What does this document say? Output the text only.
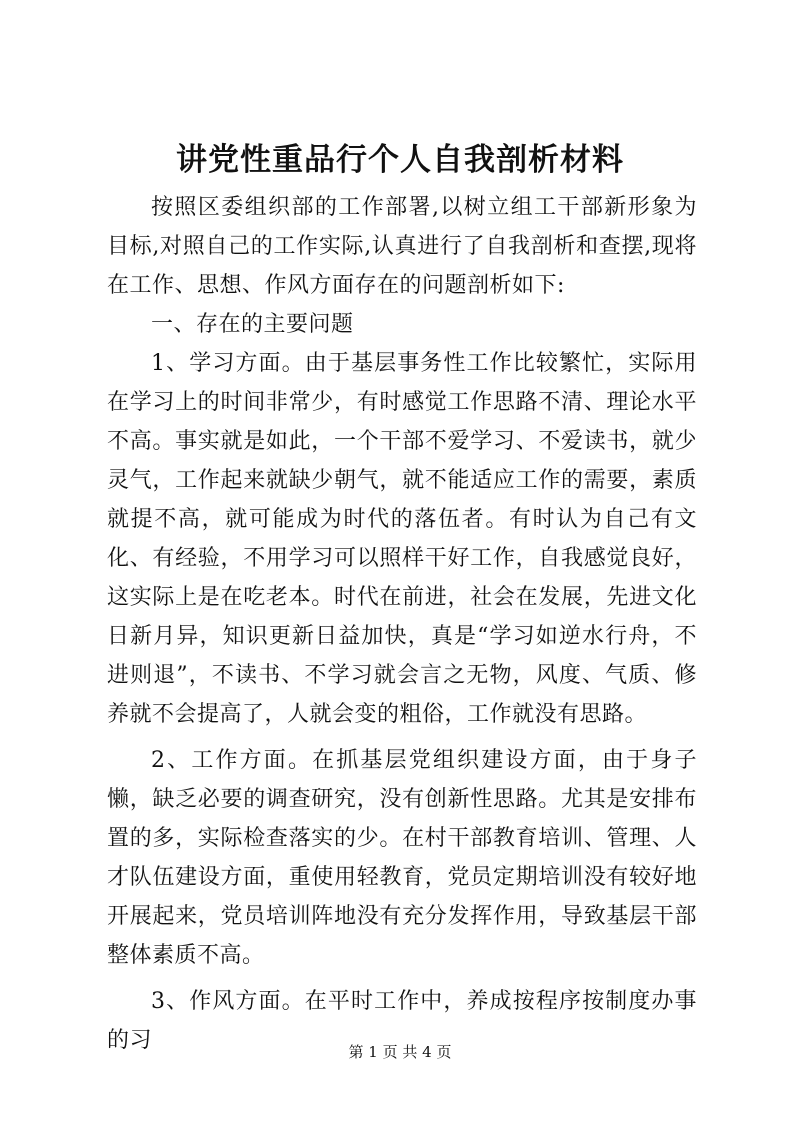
讲党性重品行个人自我剖析材料

按照区委组织部的工作部署,以树立组工干部新形象为目标,对照自己的工作实际,认真进行了自我剖析和查摆,现将在工作、思想、作风方面存在的问题剖析如下:

一、存在的主要问题

1、学习方面。由于基层事务性工作比较繁忙，实际用在学习上的时间非常少，有时感觉工作思路不清、理论水平不高。事实就是如此，一个干部不爱学习、不爱读书，就少灵气，工作起来就缺少朝气，就不能适应工作的需要，素质就提不高，就可能成为时代的落伍者。有时认为自己有文化、有经验，不用学习可以照样干好工作，自我感觉良好，这实际上是在吃老本。时代在前进，社会在发展，先进文化日新月异，知识更新日益加快，真是“学习如逆水行舟，不进则退”，不读书、不学习就会言之无物，风度、气质、修养就不会提高了，人就会变的粗俗，工作就没有思路。

2、工作方面。在抓基层党组织建设方面，由于身子懒，缺乏必要的调查研究，没有创新性思路。尤其是安排布置的多，实际检查落实的少。在村干部教育培训、管理、人才队伍建设方面，重使用轻教育，党员定期培训没有较好地开展起来，党员培训阵地没有充分发挥作用，导致基层干部整体素质不高。

3、作风方面。在平时工作中，养成按程序按制度办事的习	第 1 页 共 4 页
